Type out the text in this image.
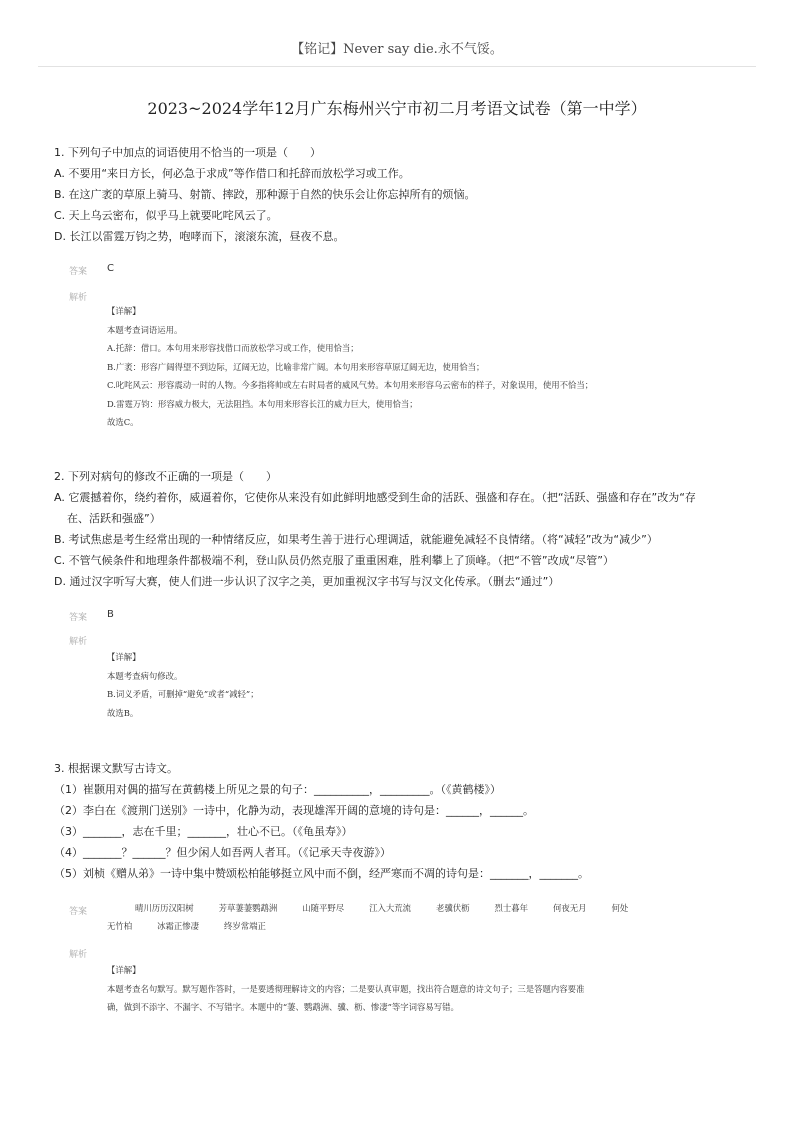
【铭记】Never say die.永不气馁。
2023~2024学年12月广东梅州兴宁市初二月考语文试卷（第一中学）
1. 下列句子中加点的词语使用不恰当的一项是（　　）
A. 不要用“来日方长，何必急于求成”等作借口和托辞而放松学习或工作。
B. 在这广袤的草原上骑马、射箭、摔跤，那种源于自然的快乐会让你忘掉所有的烦恼。
C. 天上乌云密布，似乎马上就要叱咤风云了。
D. 长江以雷霆万钧之势，咆哮而下，滚滚东流，昼夜不息。
答案 C
解析
【详解】
本题考查词语运用。
A.托辞：借口。本句用来形容找借口而放松学习或工作，使用恰当；
B.广袤：形容广阔得望不到边际，辽阔无边，比喻非常广阔。本句用来形容草原辽阔无边，使用恰当；
C.叱咤风云：形容震动一时的人物。今多指将帅或左右时局者的威风气势。本句用来形容乌云密布的样子，对象误用，使用不恰当；
D.雷霆万钧：形容威力极大，无法阻挡。本句用来形容长江的威力巨大，使用恰当；
故选C。
2. 下列对病句的修改不正确的一项是（　　）
A. 它震撼着你，绕约着你，威逼着你，它使你从来没有如此鲜明地感受到生命的活跃、强盛和存在。（把“活跃、强盛和存在”改为“存
在、活跃和强盛”）
B. 考试焦虑是考生经常出现的一种情绪反应，如果考生善于进行心理调适，就能避免减轻不良情绪。（将“减轻”改为“减少”）
C. 不管气候条件和地理条件都极端不利，登山队员仍然克服了重重困难，胜利攀上了顶峰。（把“不管”改成“尽管”）
D. 通过汉字听写大赛，使人们进一步认识了汉字之美，更加重视汉字书写与汉文化传承。（删去“通过”）
答案 B
解析
【详解】
本题考查病句修改。
B.词义矛盾，可删掉“避免”或者“减轻”；
故选B。
3. 根据课文默写古诗文。
（1）崔颢用对偶的描写在黄鹤楼上所见之景的句子：__________，_________。（《黄鹤楼》）
（2）李白在《渡荆门送别》一诗中，化静为动，表现雄浑开阔的意境的诗句是：______，______。
（3）_______，志在千里；_______，壮心不已。（《龟虽寿》）
（4）_______？______？但少闲人如吾两人者耳。（《记承天寺夜游》）
（5）刘桢《赠从弟》一诗中集中赞颂松柏能够挺立风中而不倒，经严寒而不凋的诗句是：_______，_______。
答案	晴川历历汉阳树	芳草萋萋鹦鹉洲	山随平野尽	江入大荒流	老骥伏枥	烈士暮年	何夜无月	何处
无竹柏	冰霜正惨凄	终岁常端正
解析
【详解】
本题考查名句默写。默写题作答时，一是要透彻理解诗文的内容；二是要认真审题，找出符合题意的诗文句子；三是答题内容要准
确，做到不添字、不漏字、不写错字。本题中的“萋、鹦鹉洲、骥、枥、惨凄”等字词容易写错。
